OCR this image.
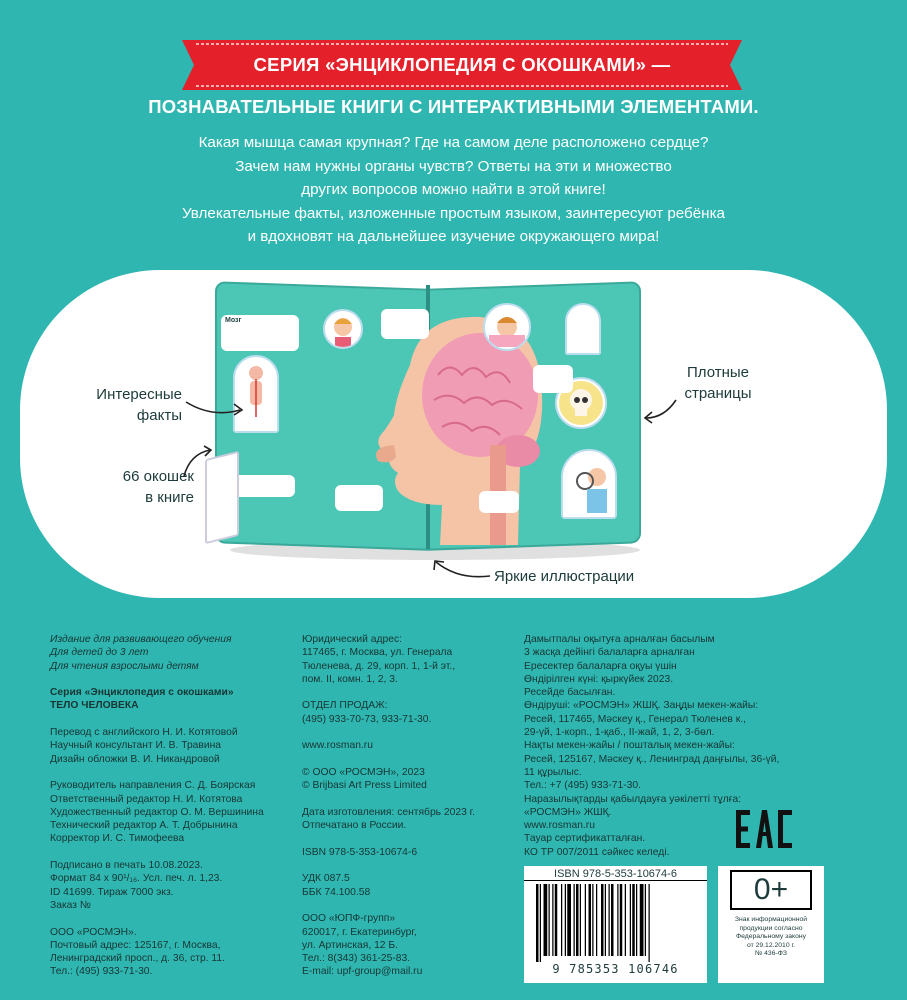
СЕРИЯ «ЭНЦИКЛОПЕДИЯ С ОКОШКАМИ» —
ПОЗНАВАТЕЛЬНЫЕ КНИГИ С ИНТЕРАКТИВНЫМИ ЭЛЕМЕНТАМИ.
Какая мышца самая крупная? Где на самом деле расположено сердце?
Зачем нам нужны органы чувств? Ответы на эти и множество
других вопросов можно найти в этой книге!
Увлекательные факты, изложенные простым языком, заинтересуют ребёнка
и вдохновят на дальнейшее изучение окружающего мира!
Мозг
Интересные
факты
66 окошек
в книге
Плотные
страницы
Яркие иллюстрации

Издание для развивающего обучения

Для детей до 3 лет

Для чтения взрослыми детям

Серия «Энциклопедия с окошками»

ТЕЛО ЧЕЛОВЕКА

Перевод с английского Н. И. Котятовой

Научный консультант И. В. Травина

Дизайн обложки В. И. Никандровой

Руководитель направления С. Д. Боярская

Ответственный редактор Н. И. Котятова

Художественный редактор О. М. Вершинина

Технический редактор А. Т. Добрынина

Корректор И. С. Тимофеева

Подписано в печать 10.08.2023.

Формат 84 х 90¹/₁₆. Усл. печ. л. 1,23.

ID 41699. Тираж 7000 экз.

Заказ №

ООО «РОСМЭН».

Почтовый адрес: 125167, г. Москва,

Ленинградский просп., д. 36, стр. 11.

Тел.: (495) 933-71-30.

Юридический адрес:

117465, г. Москва, ул. Генерала

Тюленева, д. 29, корп. 1, 1-й эт.,

пом. II, комн. 1, 2, 3.

ОТДЕЛ ПРОДАЖ:

(495) 933-70-73, 933-71-30.

www.rosman.ru

© ООО «РОСМЭН», 2023

© Brijbasi Art Press Limited

Дата изготовления: сентябрь 2023 г.

Отпечатано в России.

ISBN 978-5-353-10674-6

УДК 087.5

ББК 74.100.58

ООО «ЮПФ-групп»

620017, г. Екатеринбург,

ул. Артинская, 12 Б.

Тел.: 8(343) 361-25-83.

E-mail: upf-group@mail.ru

Дамытпалы оқытуға арналған басылым

3 жасқа дейінгі балаларға арналған

Ересектер балаларға оқуы үшін

Өндірілген күні: қыркүйек 2023.

Ресейде басылған.

Өндіруші: «РОСМЭН» ЖШҚ. Заңды мекен-жайы:

Ресей, 117465, Мәскеу қ., Генерал Тюленев к.,

29-үй, 1-корп., 1-қаб., II-жай, 1, 2, 3-бөл.

Нақты мекен-жайы / пошталық мекен-жайы:

Ресей, 125167, Мәскеу қ., Ленинград даңғылы, 36-үй,

11 құрылыс.

Тел.: +7 (495) 933-71-30.

Наразылықтарды қабылдауға уәкілетті тұлға:

«РОСМЭН» ЖШҚ.

www.rosman.ru

Тауар сертификатталған.

КО ТР 007/2011 сәйкес келеді.

ISBN 978-5-353-10674-6
9 785353 106746
0+
Знак информационной
продукции согласно
Федеральному закону
от 29.12.2010 г.
№ 436-ФЗ
